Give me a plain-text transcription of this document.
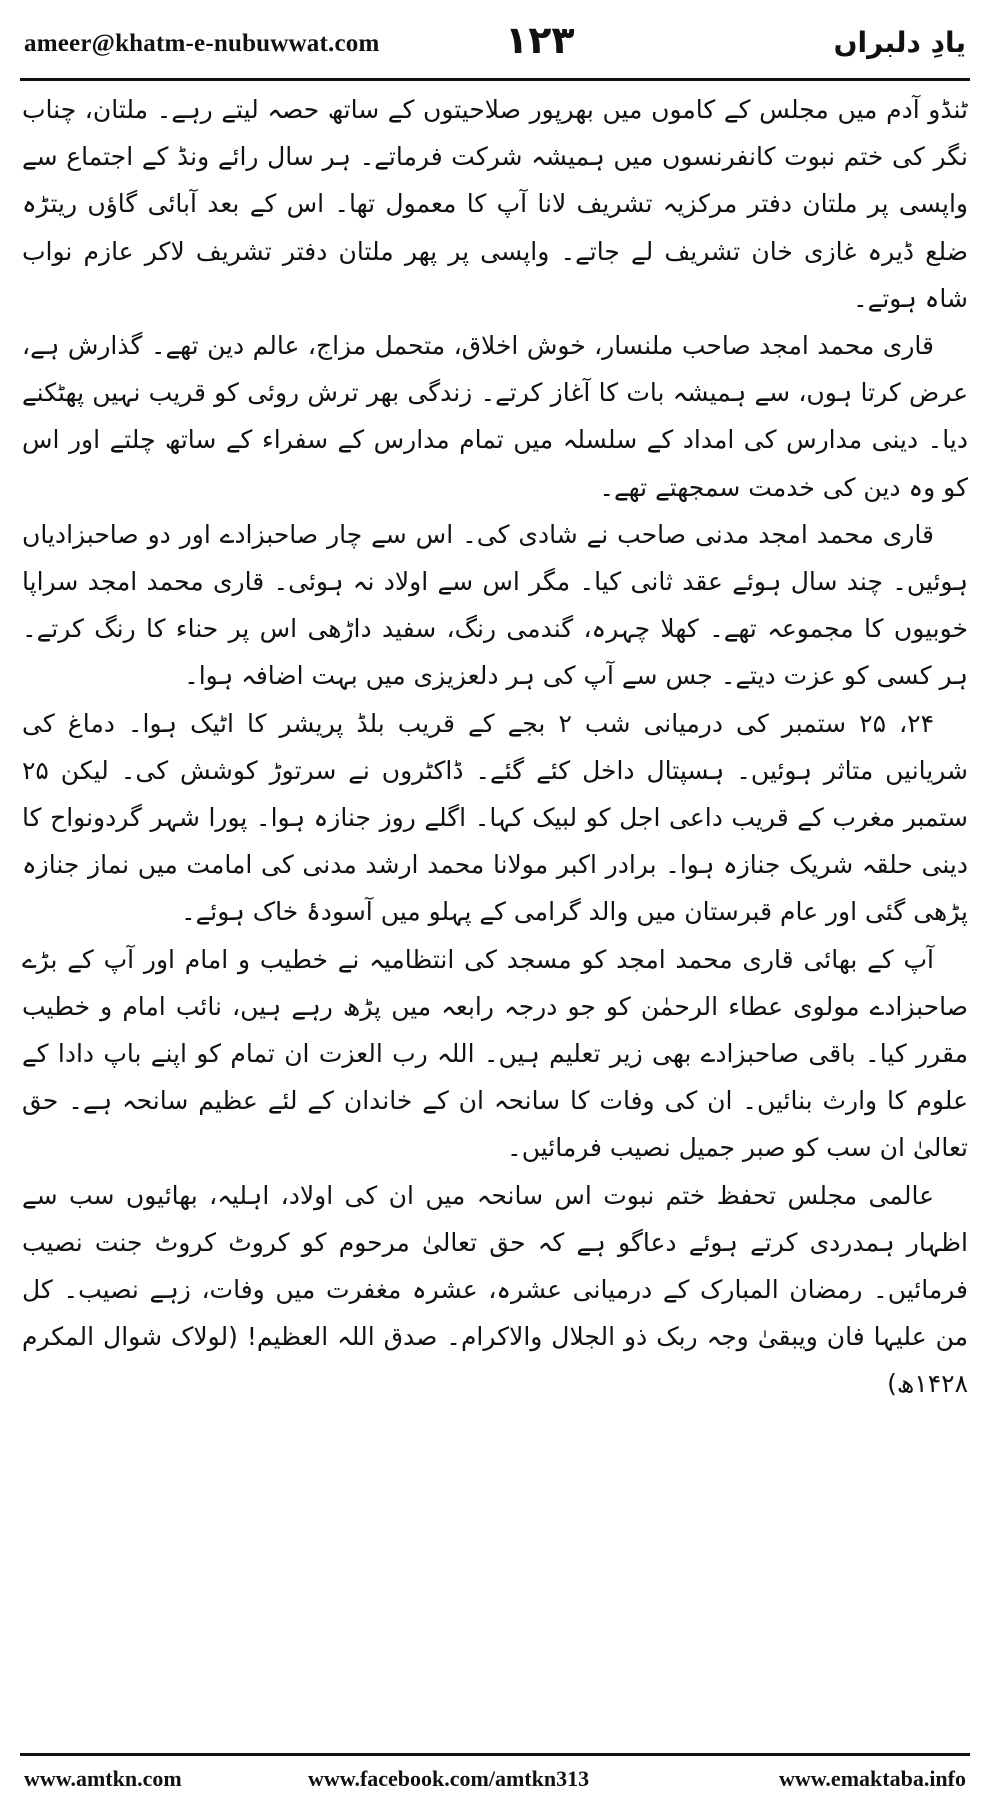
ameer@khatm-e-nubuwwat.com	۱۲۳	یادِ دلبراں

ٹنڈو آدم میں مجلس کے کاموں میں بھرپور صلاحیتوں کے ساتھ حصہ لیتے رہے۔ ملتان، چناب نگر کی ختم نبوت کانفرنسوں میں ہمیشہ شرکت فرماتے۔ ہر سال رائے ونڈ کے اجتماع سے واپسی پر ملتان دفتر مرکزیہ تشریف لانا آپ کا معمول تھا۔ اس کے بعد آبائی گاؤں ریتڑہ ضلع ڈیرہ غازی خان تشریف لے جاتے۔ واپسی پر پھر ملتان دفتر تشریف لاکر عازم نواب شاہ ہوتے۔

قاری محمد امجد صاحب ملنسار، خوش اخلاق، متحمل مزاج، عالم دین تھے۔ گذارش ہے، عرض کرتا ہوں، سے ہمیشہ بات کا آغاز کرتے۔ زندگی بھر ترش روئی کو قریب نہیں پھٹکنے دیا۔ دینی مدارس کی امداد کے سلسلہ میں تمام مدارس کے سفراء کے ساتھ چلتے اور اس کو وہ دین کی خدمت سمجھتے تھے۔

قاری محمد امجد مدنی صاحب نے شادی کی۔ اس سے چار صاحبزادے اور دو صاحبزادیاں ہوئیں۔ چند سال ہوئے عقد ثانی کیا۔ مگر اس سے اولاد نہ ہوئی۔ قاری محمد امجد سراپا خوبیوں کا مجموعہ تھے۔ کھلا چہرہ، گندمی رنگ، سفید داڑھی اس پر حناء کا رنگ کرتے۔ ہر کسی کو عزت دیتے۔ جس سے آپ کی ہر دلعزیزی میں بہت اضافہ ہوا۔

۲۴، ۲۵ ستمبر کی درمیانی شب ۲ بجے کے قریب بلڈ پریشر کا اٹیک ہوا۔ دماغ کی شریانیں متاثر ہوئیں۔ ہسپتال داخل کئے گئے۔ ڈاکٹروں نے سرتوڑ کوشش کی۔ لیکن ۲۵ ستمبر مغرب کے قریب داعی اجل کو لبیک کہا۔ اگلے روز جنازہ ہوا۔ پورا شہر گردونواح کا دینی حلقہ شریک جنازہ ہوا۔ برادر اکبر مولانا محمد ارشد مدنی کی امامت میں نماز جنازہ پڑھی گئی اور عام قبرستان میں والد گرامی کے پہلو میں آسودۂ خاک ہوئے۔

آپ کے بھائی قاری محمد امجد کو مسجد کی انتظامیہ نے خطیب و امام اور آپ کے بڑے صاحبزادے مولوی عطاء الرحمٰن کو جو درجہ رابعہ میں پڑھ رہے ہیں، نائب امام و خطیب مقرر کیا۔ باقی صاحبزادے بھی زیر تعلیم ہیں۔ اللہ رب العزت ان تمام کو اپنے باپ دادا کے علوم کا وارث بنائیں۔ ان کی وفات کا سانحہ ان کے خاندان کے لئے عظیم سانحہ ہے۔ حق تعالیٰ ان سب کو صبر جمیل نصیب فرمائیں۔

عالمی مجلس تحفظ ختم نبوت اس سانحہ میں ان کی اولاد، اہلیہ، بھائیوں سب سے اظہار ہمدردی کرتے ہوئے دعاگو ہے کہ حق تعالیٰ مرحوم کو کروٹ کروٹ جنت نصیب فرمائیں۔ رمضان المبارک کے درمیانی عشرہ، عشرہ مغفرت میں وفات، زہے نصیب۔ کل من علیہا فان ویبقیٰ وجہ ربک ذو الجلال والاکرام۔ صدق اللہ العظیم! (لولاک شوال المکرم ۱۴۲۸ھ)

www.amtkn.com	www.facebook.com/amtkn313	www.emaktaba.info
